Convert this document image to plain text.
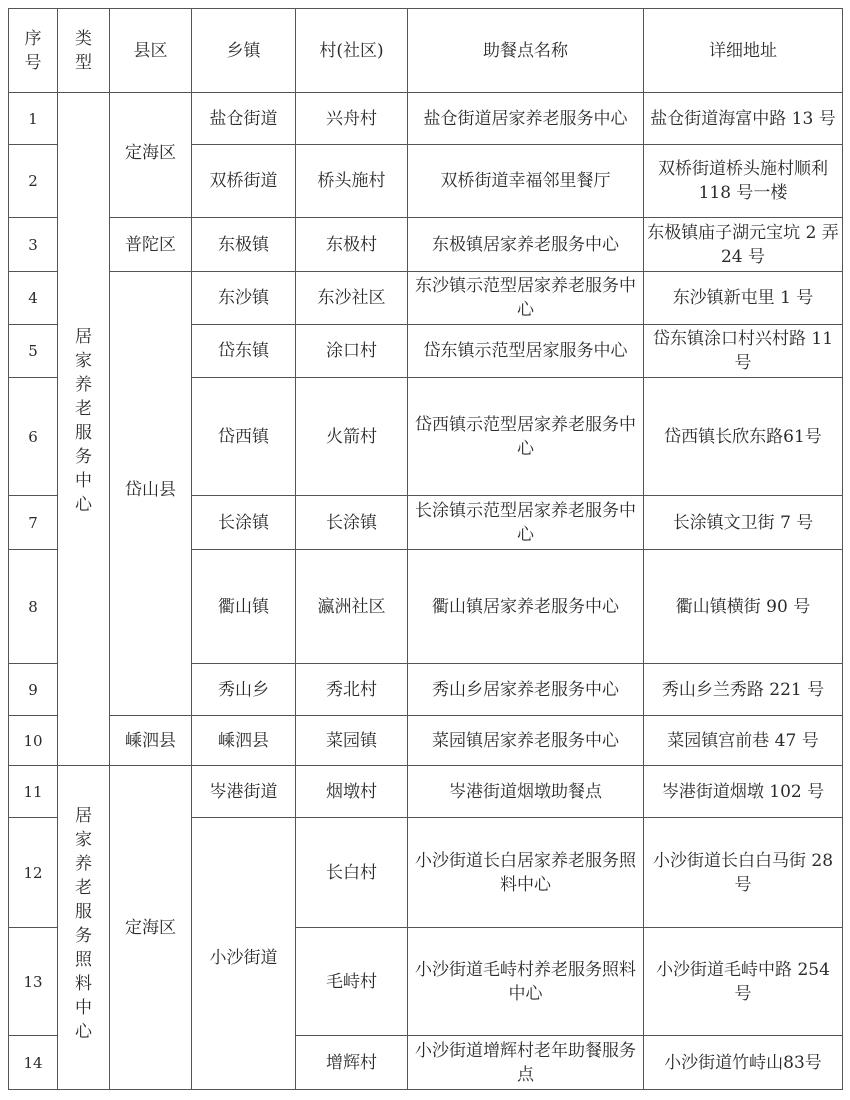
序号	类型	县区	乡镇	村(社区)	助餐点名称	详细地址
1	居家养老服务中心	定海区	盐仓街道	兴舟村	盐仓街道居家养老服务中心	盐仓街道海富中路 13 号
2			双桥街道	桥头施村	双桥街道幸福邻里餐厅	双桥街道桥头施村顺利 118 号一楼
3		普陀区	东极镇	东极村	东极镇居家养老服务中心	东极镇庙子湖元宝坑 2 弄 24 号
4		岱山县	东沙镇	东沙社区	东沙镇示范型居家养老服务中心	东沙镇新屯里 1 号
5			岱东镇	涂口村	岱东镇示范型居家服务中心	岱东镇涂口村兴村路 11 号
6			岱西镇	火箭村	岱西镇示范型居家养老服务中心	岱西镇长欣东路61号
7			长涂镇	长涂镇	长涂镇示范型居家养老服务中心	长涂镇文卫街 7 号
8			衢山镇	瀛洲社区	衢山镇居家养老服务中心	衢山镇横街 90 号
9			秀山乡	秀北村	秀山乡居家养老服务中心	秀山乡兰秀路 221 号
10		嵊泗县	嵊泗县	菜园镇	菜园镇居家养老服务中心	菜园镇宫前巷 47 号
11	居家养老服务照料中心	定海区	岑港街道	烟墩村	岑港街道烟墩助餐点	岑港街道烟墩 102 号
12			小沙街道	长白村	小沙街道长白居家养老服务照料中心	小沙街道长白白马街 28 号
13				毛峙村	小沙街道毛峙村养老服务照料中心	小沙街道毛峙中路 254 号
14				增辉村	小沙街道增辉村老年助餐服务点	小沙街道竹峙山83号
